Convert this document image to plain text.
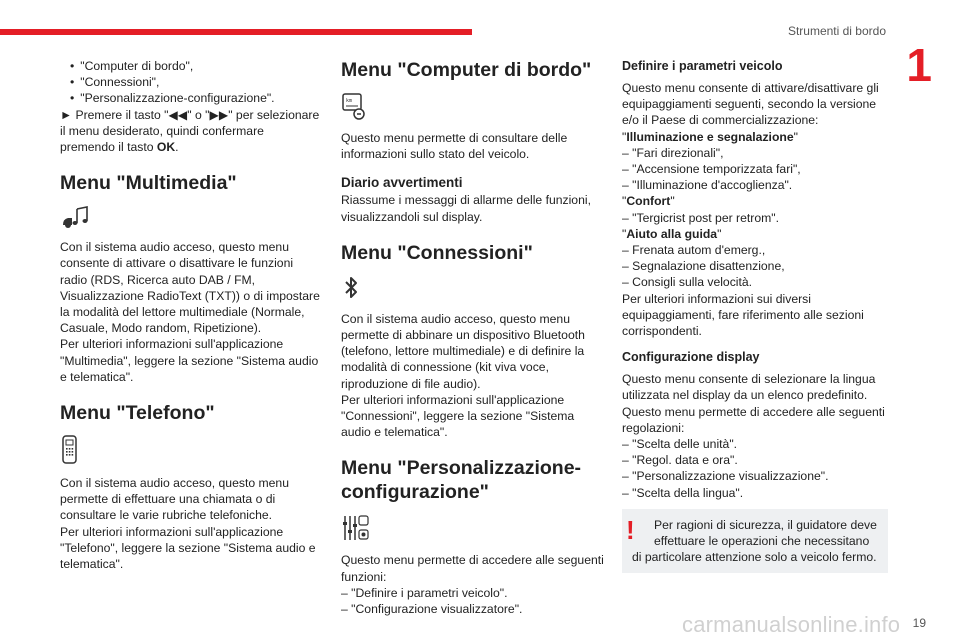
Strumenti di bordo
1
• "Computer di bordo",
• "Connessioni",
• "Personalizzazione-configurazione".

► Premere il tasto "◀◀" o "▶▶" per selezionare il menu desiderato, quindi confermare premendo il tasto OK.

Menu "Multimedia"

Con il sistema audio acceso, questo menu consente di attivare o disattivare le funzioni radio (RDS, Ricerca auto DAB / FM, Visualizzazione RadioText (TXT)) o di impostare la modalità del lettore multimediale (Normale, Casuale, Modo random, Ripetizione).

Per ulteriori informazioni sull'applicazione "Multimedia", leggere la sezione "Sistema audio e telematica".

Menu "Telefono"

Con il sistema audio acceso, questo menu permette di effettuare una chiamata o di consultare le varie rubriche telefoniche.

Per ulteriori informazioni sull'applicazione "Telefono", leggere la sezione "Sistema audio e telematica".

Menu "Computer di bordo"
km

Questo menu permette di consultare delle informazioni sullo stato del veicolo.

Diario avvertimenti

Riassume i messaggi di allarme delle funzioni, visualizzandoli sul display.

Menu "Connessioni"

Con il sistema audio acceso, questo menu permette di abbinare un dispositivo Bluetooth (telefono, lettore multimediale) e di definire la modalità di connessione (kit viva voce, riproduzione di file audio).

Per ulteriori informazioni sull'applicazione "Connessioni", leggere la sezione "Sistema audio e telematica".

Menu "Personalizzazione-
configurazione"

Questo menu permette di accedere alle seguenti funzioni:

– "Definire i parametri veicolo".

– "Configurazione visualizzatore".

Definire i parametri veicolo

Questo menu consente di attivare/disattivare gli equipaggiamenti seguenti, secondo la versione e/o il Paese di commercializzazione:

"Illuminazione e segnalazione"

– "Fari direzionali",

– "Accensione temporizzata fari",

– "Illuminazione d'accoglienza".

"Confort"

– "Tergicrist post per retrom".

"Aiuto alla guida"

– Frenata autom d'emerg.,

– Segnalazione disattenzione,

– Consigli sulla velocità.

Per ulteriori informazioni sui diversi equipaggiamenti, fare riferimento alle sezioni corrispondenti.

Configurazione display

Questo menu consente di selezionare la lingua utilizzata nel display da un elenco predefinito.

Questo menu permette di accedere alle seguenti regolazioni:

– "Scelta delle unità".

– "Regol. data e ora".

– "Personalizzazione visualizzazione".

– "Scelta della lingua".

!	Per ragioni di sicurezza, il guidatore deve

effettuare le operazioni che necessitano

di particolare attenzione solo a veicolo fermo.

carmanualsonline.info 19
